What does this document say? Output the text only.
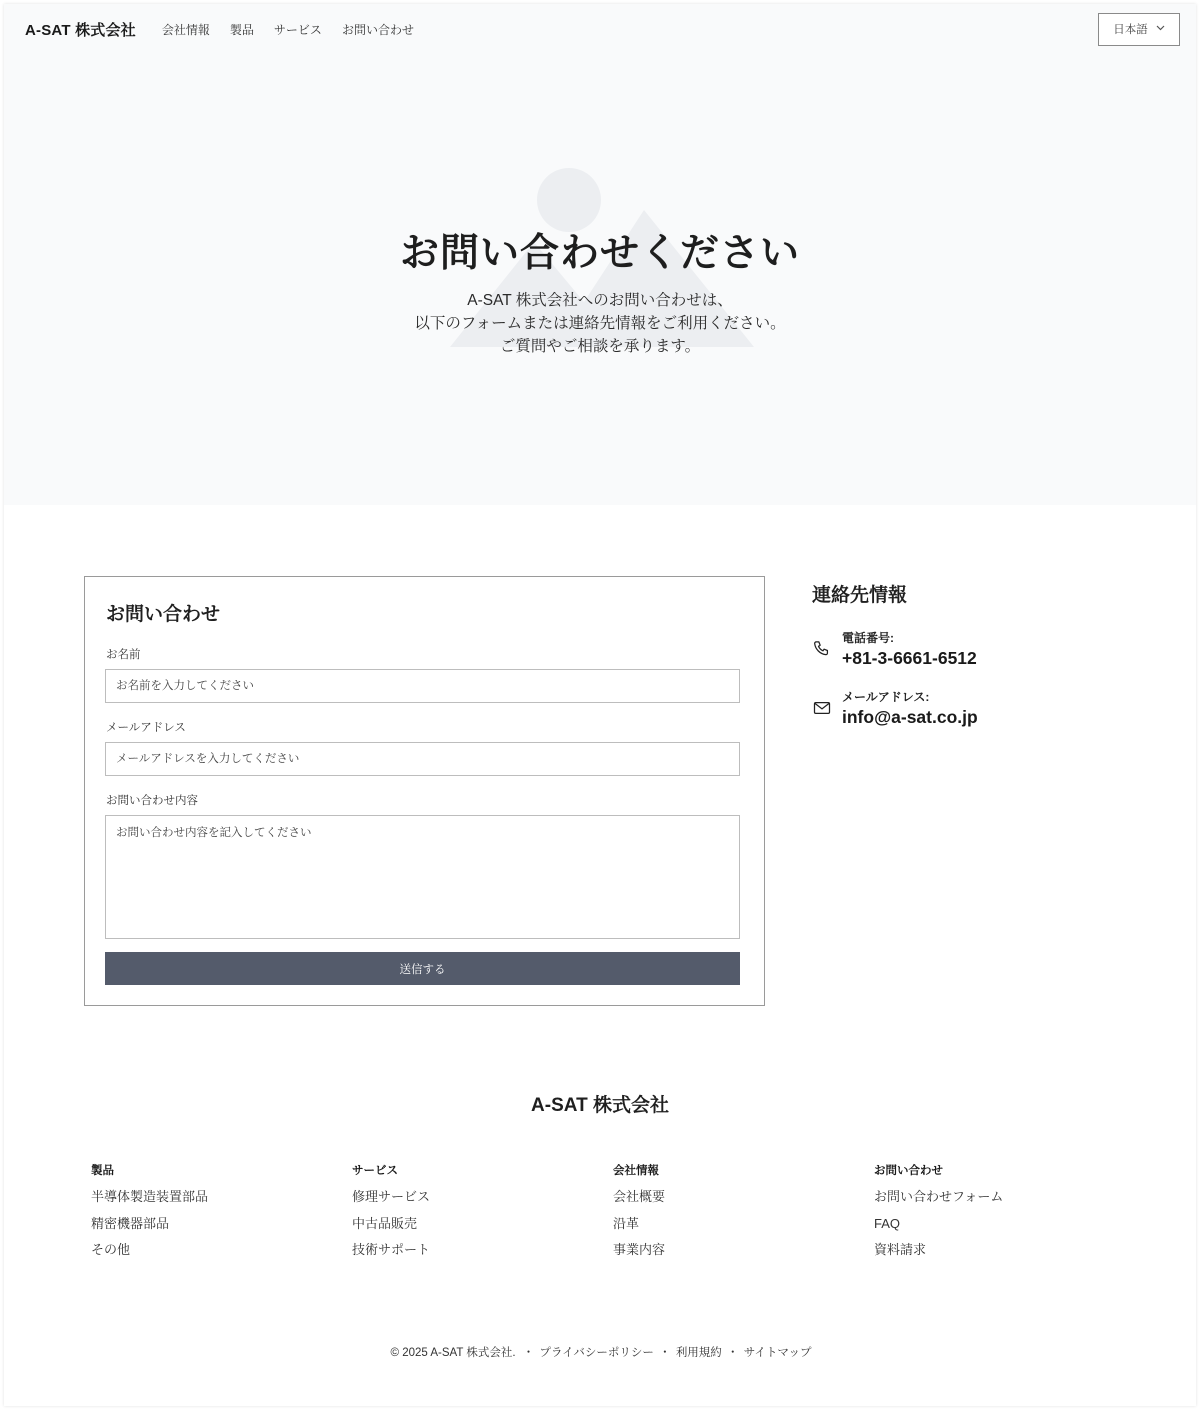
お問い合わせください
A-SAT 株式会社へのお問い合わせは、
以下のフォームまたは連絡先情報をご利用ください。
ご質問やご相談を承ります。
A-SAT 株式会社 会社情報 製品 サービス お問い合わせ	日本語
お問い合わせ
お名前
お名前を入力してください
メールアドレス
メールアドレスを入力してください
お問い合わせ内容
お問い合わせ内容を記入してください
送信する
連絡先情報
電話番号:
+81-3-6661-6512
メールアドレス:
info@a-sat.co.jp
A-SAT 株式会社
製品
半導体製造装置部品
精密機器部品
その他
サービス
修理サービス
中古品販売
技術サポート
会社情報
会社概要
沿革
事業内容
お問い合わせ
お問い合わせフォーム
FAQ
資料請求
© 2025 A-SAT 株式会社. ・ プライバシーポリシー ・ 利用規約 ・ サイトマップ
